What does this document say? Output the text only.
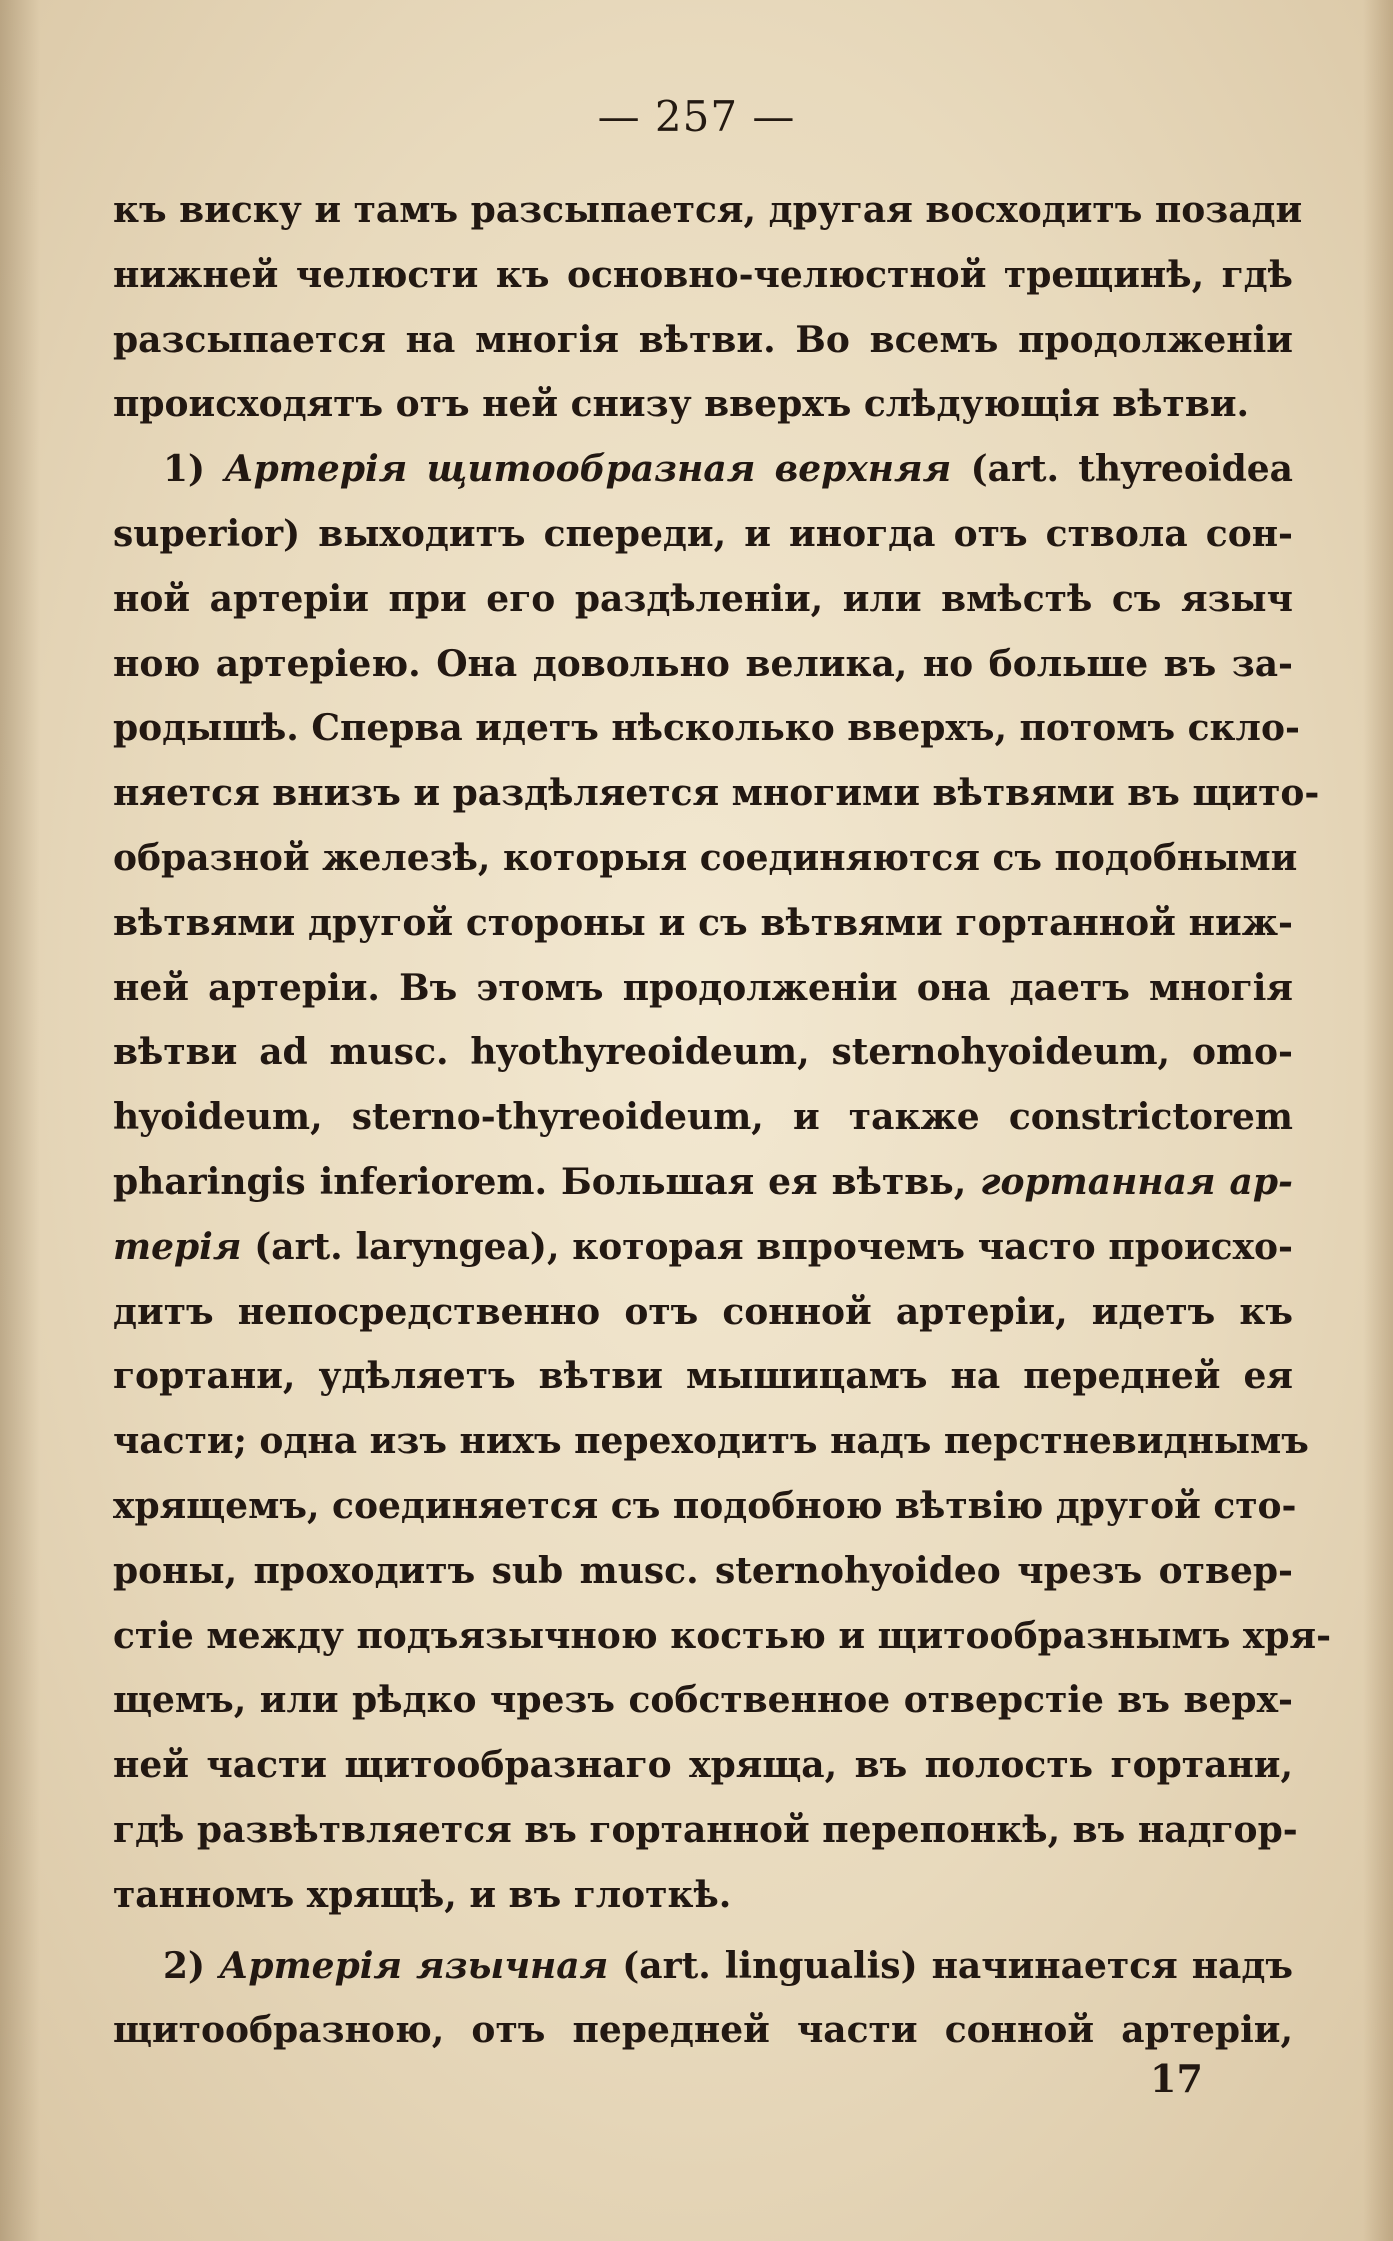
— 257 —
къ виску и тамъ разсыпается, другая восходитъ позади
нижней челюсти къ основно-челюстной трещинѣ, гдѣ
разсыпается на многія вѣтви. Во всемъ продолженіи
происходятъ отъ ней снизу вверхъ слѣдующія вѣтви.
1) Артерія щитообразная верхняя (art. thyreoidea
superior) выходитъ спереди, и иногда отъ ствола сон-
ной артеріи при его раздѣленіи, или вмѣстѣ съ языч
ною артеріею. Она довольно велика, но больше въ за-
родышѣ. Сперва идетъ нѣсколько вверхъ, потомъ скло-
няется внизъ и раздѣляется многими вѣтвями въ щито-
образной железѣ, которыя соединяются съ подобными
вѣтвями другой стороны и съ вѣтвями гортанной ниж-
ней артеріи. Въ этомъ продолженіи она даетъ многія
вѣтви ad musc. hyothyreoideum, sternohyoideum, omo-
hyoideum, sterno-thyreoideum, и также constrictorem
pharingis inferiorem. Большая ея вѣтвь, гортанная ар-
терія (art. laryngea), которая впрочемъ часто происхо-
дитъ непосредственно отъ сонной артеріи, идетъ къ
гортани, удѣляетъ вѣтви мышицамъ на передней ея
части; одна изъ нихъ переходитъ надъ перстневиднымъ
хрящемъ, соединяется съ подобною вѣтвію другой сто-
роны, проходитъ sub musc. sternohyoideo чрезъ отвер-
стіе между подъязычною костью и щитообразнымъ хря-
щемъ, или рѣдко чрезъ собственное отверстіе въ верх-
ней части щитообразнаго хряща, въ полость гортани,
гдѣ развѣтвляется въ гортанной перепонкѣ, въ надгор-
танномъ хрящѣ, и въ глоткѣ.
2) Артерія язычная (art. lingualis) начинается надъ
щитообразною, отъ передней части сонной артеріи,
17
